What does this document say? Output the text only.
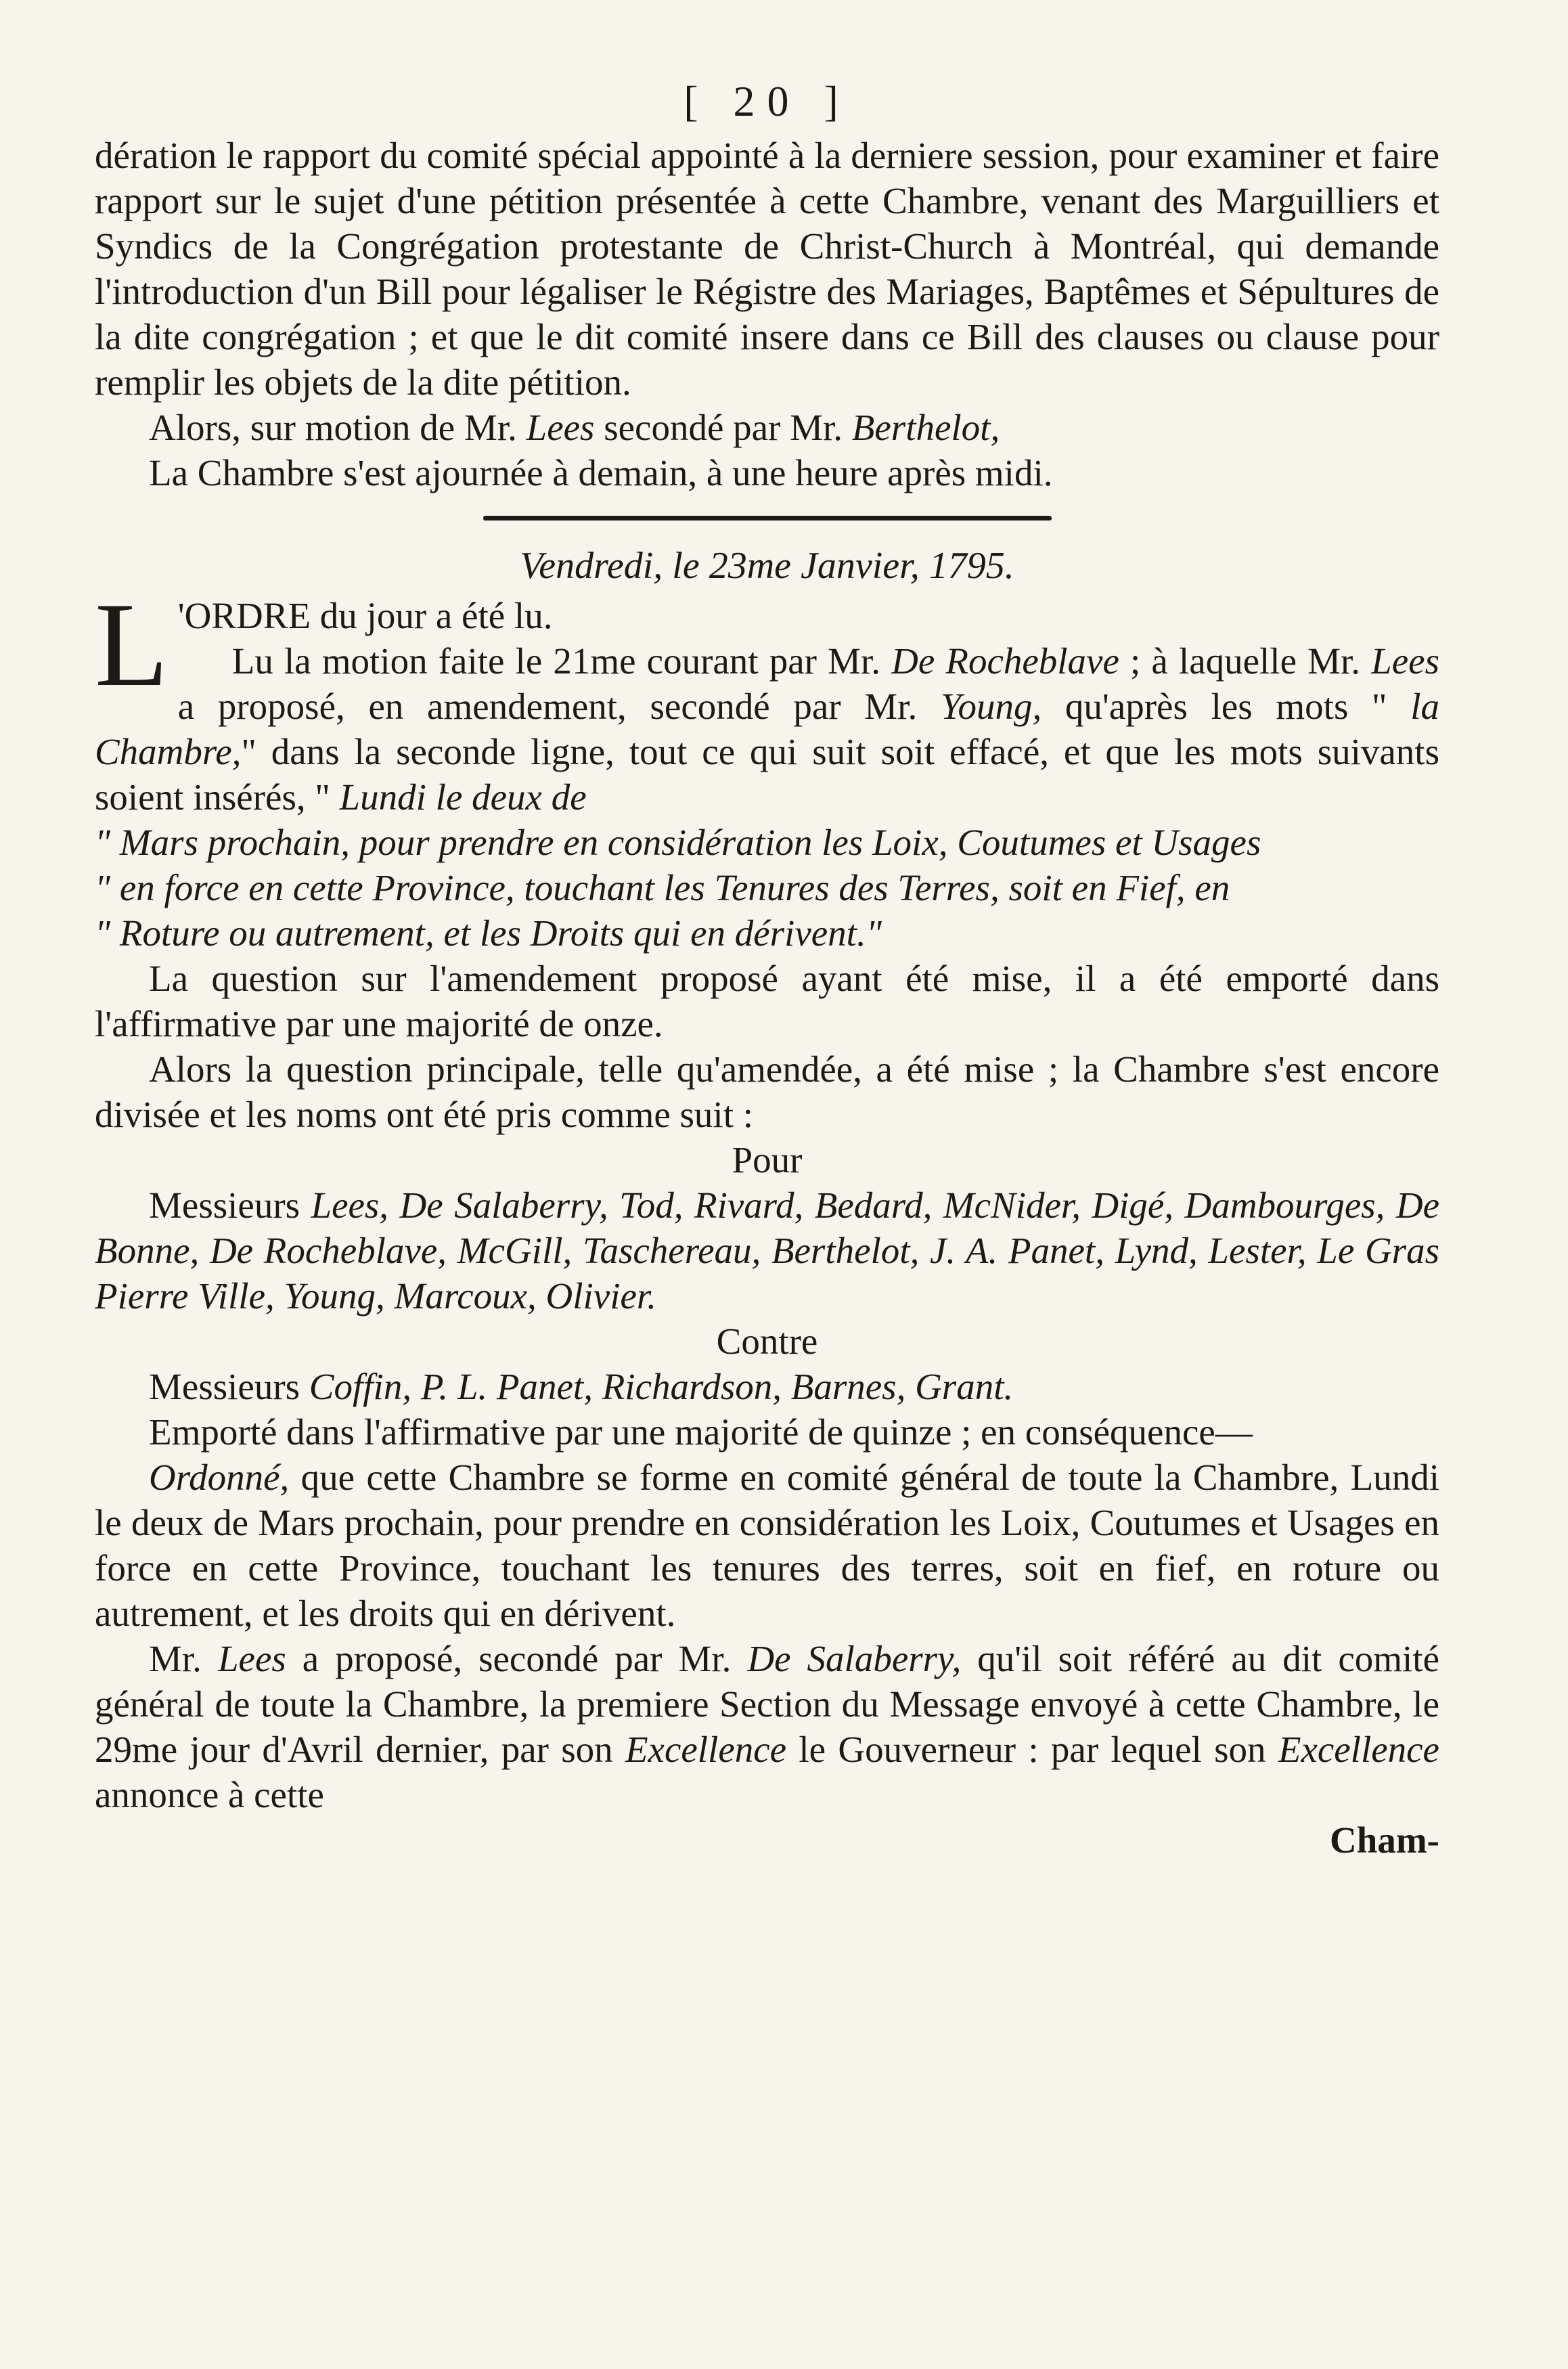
[ 20 ]

dération le rapport du comité spécial appointé à la derniere session, pour examiner et faire rapport sur le sujet d'une pétition présentée à cette Chambre, venant des Marguilliers et Syndics de la Congrégation protestante de Christ-Church à Montréal, qui demande l'introduction d'un Bill pour légaliser le Régistre des Mariages, Baptêmes et Sépultures de la dite congrégation ; et que le dit comité insere dans ce Bill des clauses ou clause pour remplir les objets de la dite pétition.

Alors, sur motion de Mr. Lees secondé par Mr. Berthelot,

La Chambre s'est ajournée à demain, à une heure après midi.

Vendredi, le 23me Janvier, 1795.

L 'ORDRE du jour a été lu.

Lu la motion faite le 21me courant par Mr. De Rocheblave ; à laquelle Mr. Lees a proposé, en amendement, secondé par Mr. Young, qu'après les mots " la Chambre," dans la seconde ligne, tout ce qui suit soit effacé, et que les mots suivants soient insérés, " Lundi le deux de

" Mars prochain, pour prendre en considération les Loix, Coutumes et Usages

" en force en cette Province, touchant les Tenures des Terres, soit en Fief, en

" Roture ou autrement, et les Droits qui en dérivent."

La question sur l'amendement proposé ayant été mise, il a été emporté dans l'affirmative par une majorité de onze.

Alors la question principale, telle qu'amendée, a été mise ; la Chambre s'est encore divisée et les noms ont été pris comme suit :

Pour

Messieurs Lees, De Salaberry, Tod, Rivard, Bedard, McNider, Digé, Dambourges, De Bonne, De Rocheblave, McGill, Taschereau, Berthelot, J. A. Panet, Lynd, Lester, Le Gras Pierre Ville, Young, Marcoux, Olivier.

Contre

Messieurs Coffin, P. L. Panet, Richardson, Barnes, Grant.

Emporté dans l'affirmative par une majorité de quinze ; en conséquence—

Ordonné, que cette Chambre se forme en comité général de toute la Chambre, Lundi le deux de Mars prochain, pour prendre en considération les Loix, Coutumes et Usages en force en cette Province, touchant les tenures des terres, soit en fief, en roture ou autrement, et les droits qui en dérivent.

Mr. Lees a proposé, secondé par Mr. De Salaberry, qu'il soit référé au dit comité général de toute la Chambre, la premiere Section du Message envoyé à cette Chambre, le 29me jour d'Avril dernier, par son Excellence le Gouverneur : par lequel son Excellence annonce à cette

Cham-
